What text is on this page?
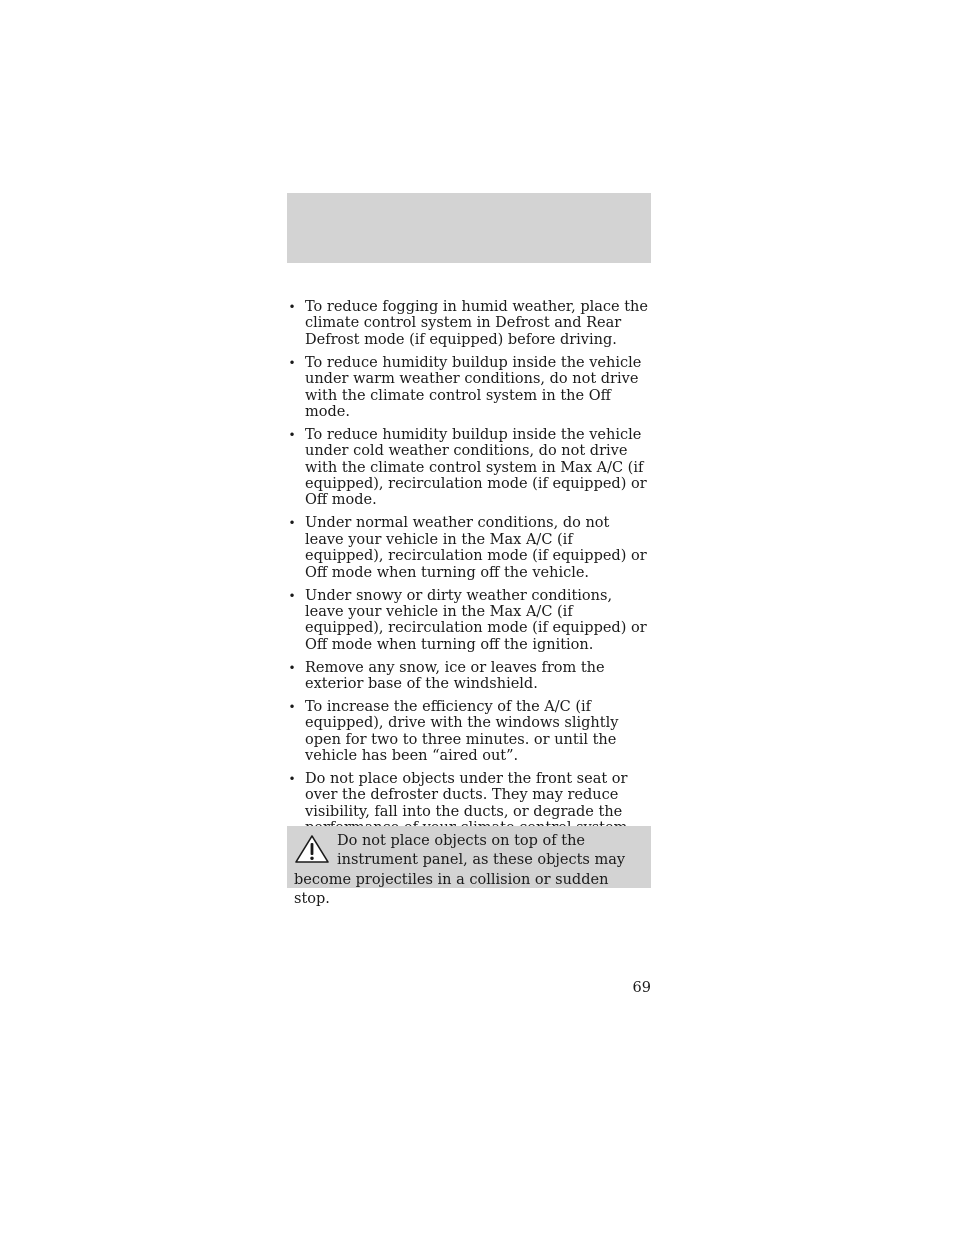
• To reduce fogging in humid weather, place the climate control system in Defrost and Rear Defrost mode (if equipped) before driving.
• To reduce humidity buildup inside the vehicle under warm weather conditions, do not drive with the climate control system in the Off mode.
• To reduce humidity buildup inside the vehicle under cold weather conditions, do not drive with the climate control system in Max A/C (if equipped), recirculation mode (if equipped) or Off mode.
• Under normal weather conditions, do not leave your vehicle in the Max A/C (if equipped), recirculation mode (if equipped) or Off mode when turning off the vehicle.
• Under snowy or dirty weather conditions, leave your vehicle in the Max A/C (if equipped), recirculation mode (if equipped) or Off mode when turning off the ignition.
• Remove any snow, ice or leaves from the exterior base of the windshield.
• To increase the efficiency of the A/C (if equipped), drive with the windows slightly open for two to three minutes. or until the vehicle has been “aired out”.
• Do not place objects under the front seat or over the defroster ducts. They may reduce visibility, fall into the ducts, or degrade the
Do not place objects on top of the instrument panel, as these objects may become projectiles in a collision or sudden stop.
69
